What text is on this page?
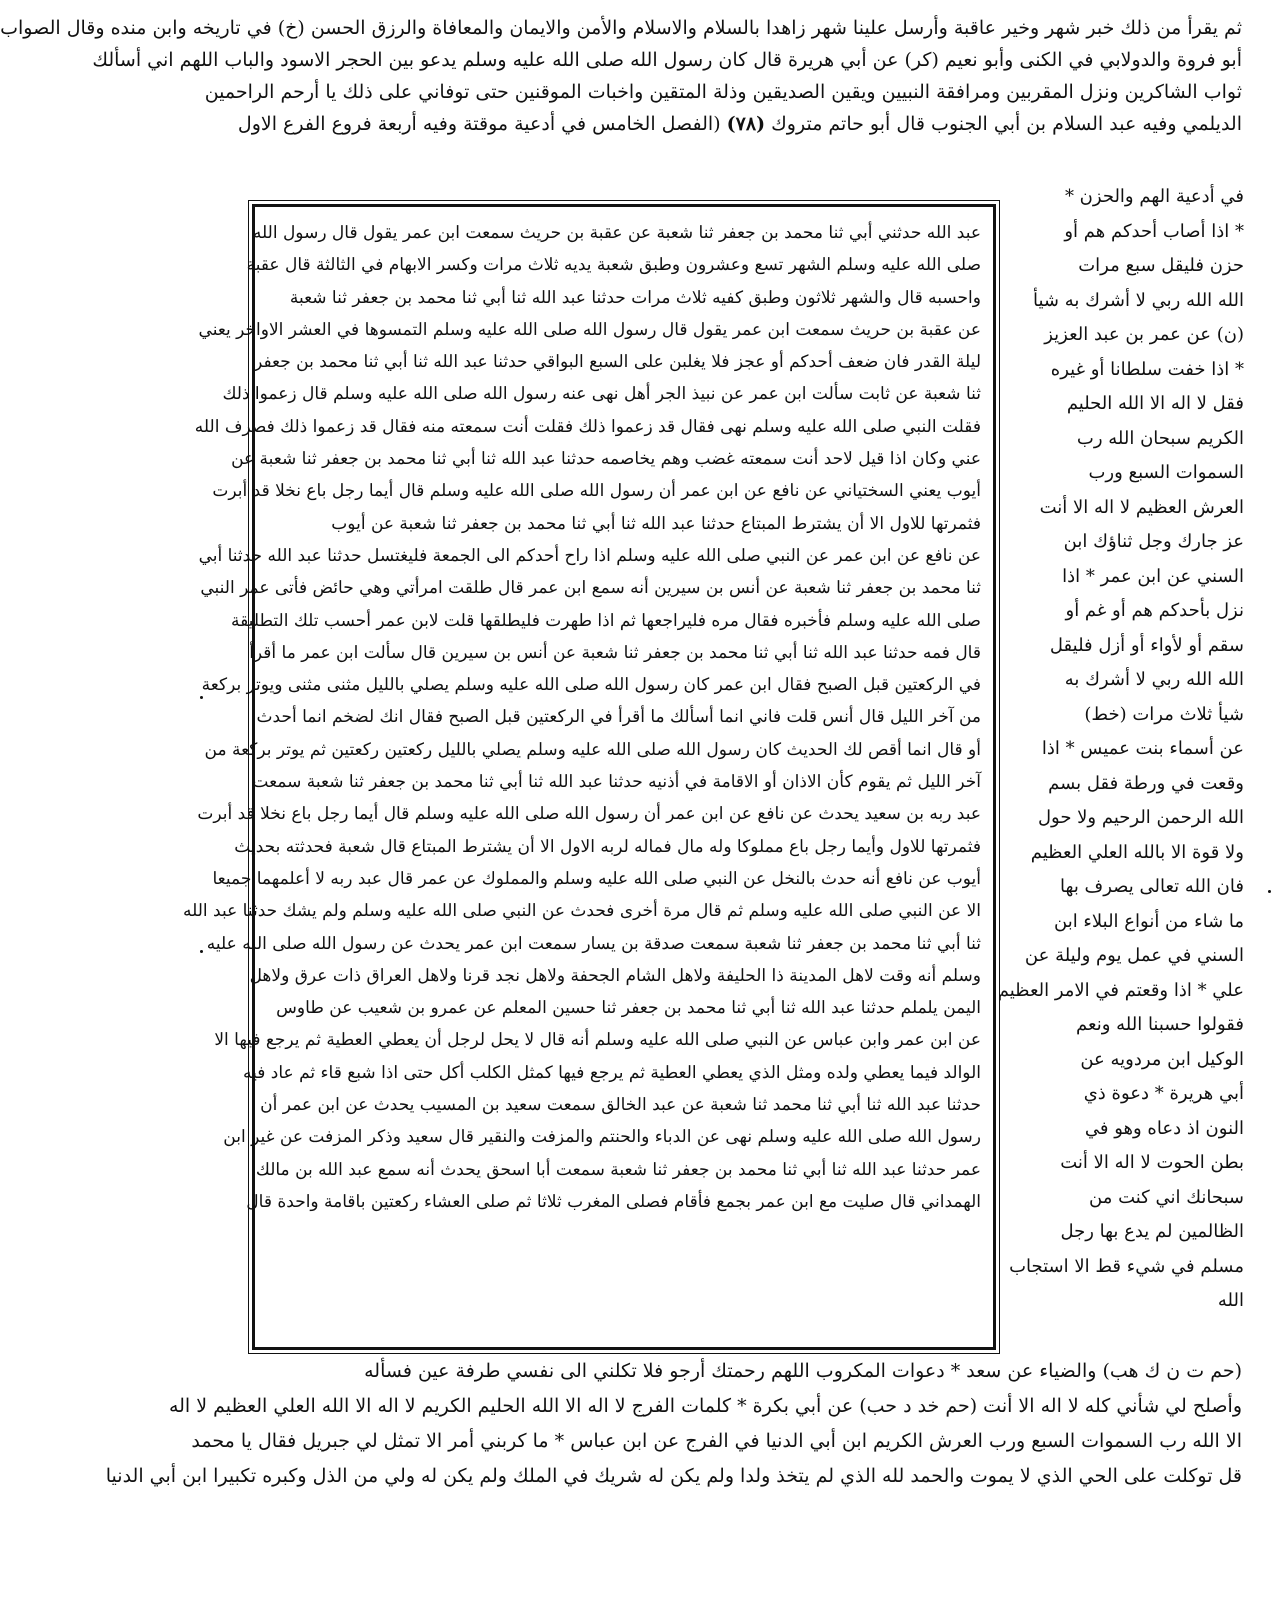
ثم يقرأ من ذلك خبر شهر وخير عاقبة وأرسل علينا شهر زاهدا بالسلام والاسلام والأمن والايمان والمعافاة والرزق الحسن (خ) في تاريخه وابن منده وقال الصواب
أبو فروة والدولابي في الكنى وأبو نعيم (كر) عن أبي هريرة قال كان رسول الله صلى الله عليه وسلم يدعو بين الحجر الاسود والباب اللهم اني أسألك
ثواب الشاكرين ونزل المقربين ومرافقة النبيين ويقين الصديقين وذلة المتقين واخبات الموقنين حتى توفاني على ذلك يا أرحم الراحمين
الديلمي وفيه عبد السلام بن أبي الجنوب قال أبو حاتم متروك (٧٨) (الفصل الخامس في أدعية موقتة وفيه أربعة فروع الفرع الاول
في أدعية الهم والحزن *
* اذا أصاب أحدكم هم أو
حزن فليقل سبع مرات
الله الله ربي لا أشرك به شيأ
(ن) عن عمر بن عبد العزيز
* اذا خفت سلطانا أو غيره
فقل لا اله الا الله الحليم
الكريم سبحان الله رب
السموات السبع ورب
العرش العظيم لا اله الا أنت
عز جارك وجل ثناؤك ابن
السني عن ابن عمر * اذا
نزل بأحدكم هم أو غم أو
سقم أو لأواء أو أزل فليقل
الله الله ربي لا أشرك به
شيأ ثلاث مرات (خط)
عن أسماء بنت عميس * اذا
وقعت في ورطة فقل بسم
الله الرحمن الرحيم ولا حول
ولا قوة الا بالله العلي العظيم
فان الله تعالى يصرف بها
ما شاء من أنواع البلاء ابن
السني في عمل يوم وليلة عن
علي * اذا وقعتم في الامر العظيم
فقولوا حسبنا الله ونعم
الوكيل ابن مردويه عن
أبي هريرة * دعوة ذي
النون اذ دعاه وهو في
بطن الحوت لا اله الا أنت
سبحانك اني كنت من
الظالمين لم يدع بها رجل
مسلم في شيء قط الا استجاب
الله
عبد الله حدثني أبي ثنا محمد بن جعفر ثنا شعبة عن عقبة بن حريث سمعت ابن عمر يقول قال رسول الله
صلى الله عليه وسلم الشهر تسع وعشرون وطبق شعبة يديه ثلاث مرات وكسر الابهام في الثالثة قال عقبة
واحسبه قال والشهر ثلاثون وطبق كفيه ثلاث مرات حدثنا عبد الله ثنا أبي ثنا محمد بن جعفر ثنا شعبة
عن عقبة بن حريث سمعت ابن عمر يقول قال رسول الله صلى الله عليه وسلم التمسوها في العشر الاواخر يعني
ليلة القدر فان ضعف أحدكم أو عجز فلا يغلبن على السبع البواقي حدثنا عبد الله ثنا أبي ثنا محمد بن جعفر
ثنا شعبة عن ثابت سألت ابن عمر عن نبيذ الجر أهل نهى عنه رسول الله صلى الله عليه وسلم قال زعموا ذلك
فقلت النبي صلى الله عليه وسلم نهى فقال قد زعموا ذلك فقلت أنت سمعته منه فقال قد زعموا ذلك فصرف الله
عني وكان اذا قيل لاحد أنت سمعته غضب وهم يخاصمه حدثنا عبد الله ثنا أبي ثنا محمد بن جعفر ثنا شعبة عن
أيوب يعني السختياني عن نافع عن ابن عمر أن رسول الله صلى الله عليه وسلم قال أيما رجل باع نخلا قد أبرت
فثمرتها للاول الا أن يشترط المبتاع حدثنا عبد الله ثنا أبي ثنا محمد بن جعفر ثنا شعبة عن أيوب
عن نافع عن ابن عمر عن النبي صلى الله عليه وسلم اذا راح أحدكم الى الجمعة فليغتسل حدثنا عبد الله حدثنا أبي
ثنا محمد بن جعفر ثنا شعبة عن أنس بن سيرين أنه سمع ابن عمر قال طلقت امرأتي وهي حائض فأتى عمر النبي
صلى الله عليه وسلم فأخبره فقال مره فليراجعها ثم اذا طهرت فليطلقها قلت لابن عمر أحسب تلك التطليقة
قال فمه حدثنا عبد الله ثنا أبي ثنا محمد بن جعفر ثنا شعبة عن أنس بن سيرين قال سألت ابن عمر ما أقرأ
في الركعتين قبل الصبح فقال ابن عمر كان رسول الله صلى الله عليه وسلم يصلي بالليل مثنى مثنى ويوتر بركعة
من آخر الليل قال أنس قلت فاني انما أسألك ما أقرأ في الركعتين قبل الصبح فقال انك لضخم انما أحدث
أو قال انما أقص لك الحديث كان رسول الله صلى الله عليه وسلم يصلي بالليل ركعتين ركعتين ثم يوتر بركعة من
آخر الليل ثم يقوم كأن الاذان أو الاقامة في أذنيه حدثنا عبد الله ثنا أبي ثنا محمد بن جعفر ثنا شعبة سمعت
عبد ربه بن سعيد يحدث عن نافع عن ابن عمر أن رسول الله صلى الله عليه وسلم قال أيما رجل باع نخلا قد أبرت
فثمرتها للاول وأيما رجل باع مملوكا وله مال فماله لربه الاول الا أن يشترط المبتاع قال شعبة فحدثته بحديث
أيوب عن نافع أنه حدث بالنخل عن النبي صلى الله عليه وسلم والمملوك عن عمر قال عبد ربه لا أعلمهما جميعا
الا عن النبي صلى الله عليه وسلم ثم قال مرة أخرى فحدث عن النبي صلى الله عليه وسلم ولم يشك حدثنا عبد الله
ثنا أبي ثنا محمد بن جعفر ثنا شعبة سمعت صدقة بن يسار سمعت ابن عمر يحدث عن رسول الله صلى الله عليه
وسلم أنه وقت لاهل المدينة ذا الحليفة ولاهل الشام الجحفة ولاهل نجد قرنا ولاهل العراق ذات عرق ولاهل
اليمن يلملم حدثنا عبد الله ثنا أبي ثنا محمد بن جعفر ثنا حسين المعلم عن عمرو بن شعيب عن طاوس
عن ابن عمر وابن عباس عن النبي صلى الله عليه وسلم أنه قال لا يحل لرجل أن يعطي العطية ثم يرجع فيها الا
الوالد فيما يعطي ولده ومثل الذي يعطي العطية ثم يرجع فيها كمثل الكلب أكل حتى اذا شبع قاء ثم عاد فيه
حدثنا عبد الله ثنا أبي ثنا محمد ثنا شعبة عن عبد الخالق سمعت سعيد بن المسيب يحدث عن ابن عمر أن
رسول الله صلى الله عليه وسلم نهى عن الدباء والحنتم والمزفت والنقير قال سعيد وذكر المزفت عن غير ابن
عمر حدثنا عبد الله ثنا أبي ثنا محمد بن جعفر ثنا شعبة سمعت أبا اسحق يحدث أنه سمع عبد الله بن مالك
الهمداني قال صليت مع ابن عمر بجمع فأقام فصلى المغرب ثلاثا ثم صلى العشاء ركعتين باقامة واحدة قال
(حم ت ن ك هب) والضياء عن سعد * دعوات المكروب اللهم رحمتك أرجو فلا تكلني الى نفسي طرفة عين فسأله
وأصلح لي شأني كله لا اله الا أنت (حم خد د حب) عن أبي بكرة * كلمات الفرج لا اله الا الله الحليم الكريم لا اله الا الله العلي العظيم لا اله
الا الله رب السموات السبع ورب العرش الكريم ابن أبي الدنيا في الفرج عن ابن عباس * ما كربني أمر الا تمثل لي جبريل فقال يا محمد
قل توكلت على الحي الذي لا يموت والحمد لله الذي لم يتخذ ولدا ولم يكن له شريك في الملك ولم يكن له ولي من الذل وكبره تكبيرا ابن أبي الدنيا
